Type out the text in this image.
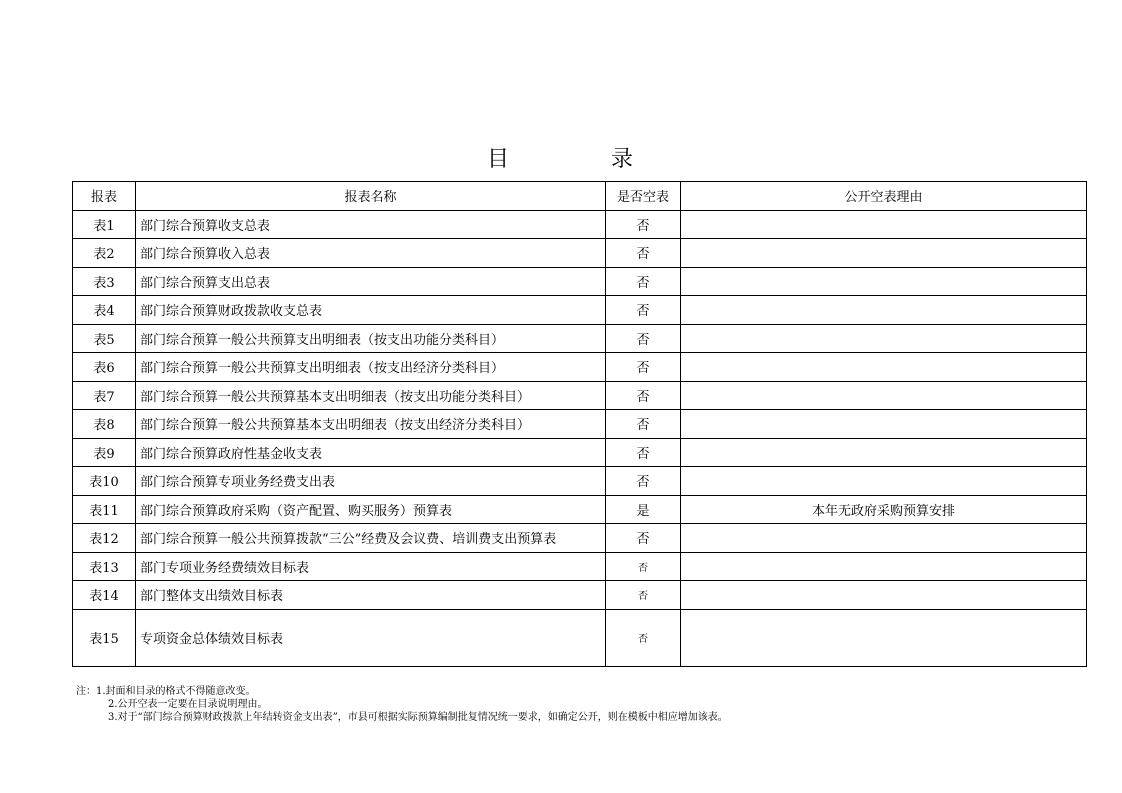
目　录
报表	报表名称	是否空表	公开空表理由
表1	部门综合预算收支总表	否	
表2	部门综合预算收入总表	否	
表3	部门综合预算支出总表	否	
表4	部门综合预算财政拨款收支总表	否	
表5	部门综合预算一般公共预算支出明细表（按支出功能分类科目）	否	
表6	部门综合预算一般公共预算支出明细表（按支出经济分类科目）	否	
表7	部门综合预算一般公共预算基本支出明细表（按支出功能分类科目）	否	
表8	部门综合预算一般公共预算基本支出明细表（按支出经济分类科目）	否	
表9	部门综合预算政府性基金收支表	否	
表10	部门综合预算专项业务经费支出表	否	
表11	部门综合预算政府采购（资产配置、购买服务）预算表	是	本年无政府采购预算安排
表12	部门综合预算一般公共预算拨款“三公”经费及会议费、培训费支出预算表	否	
表13	部门专项业务经费绩效目标表	否	
表14	部门整体支出绩效目标表	否	
表15	专项资金总体绩效目标表	否	
注：1.封面和目录的格式不得随意改变。
2.公开空表一定要在目录说明理由。
3.对于“部门综合预算财政拨款上年结转资金支出表”，市县可根据实际预算编制批复情况统一要求，如确定公开，则在模板中相应增加该表。
